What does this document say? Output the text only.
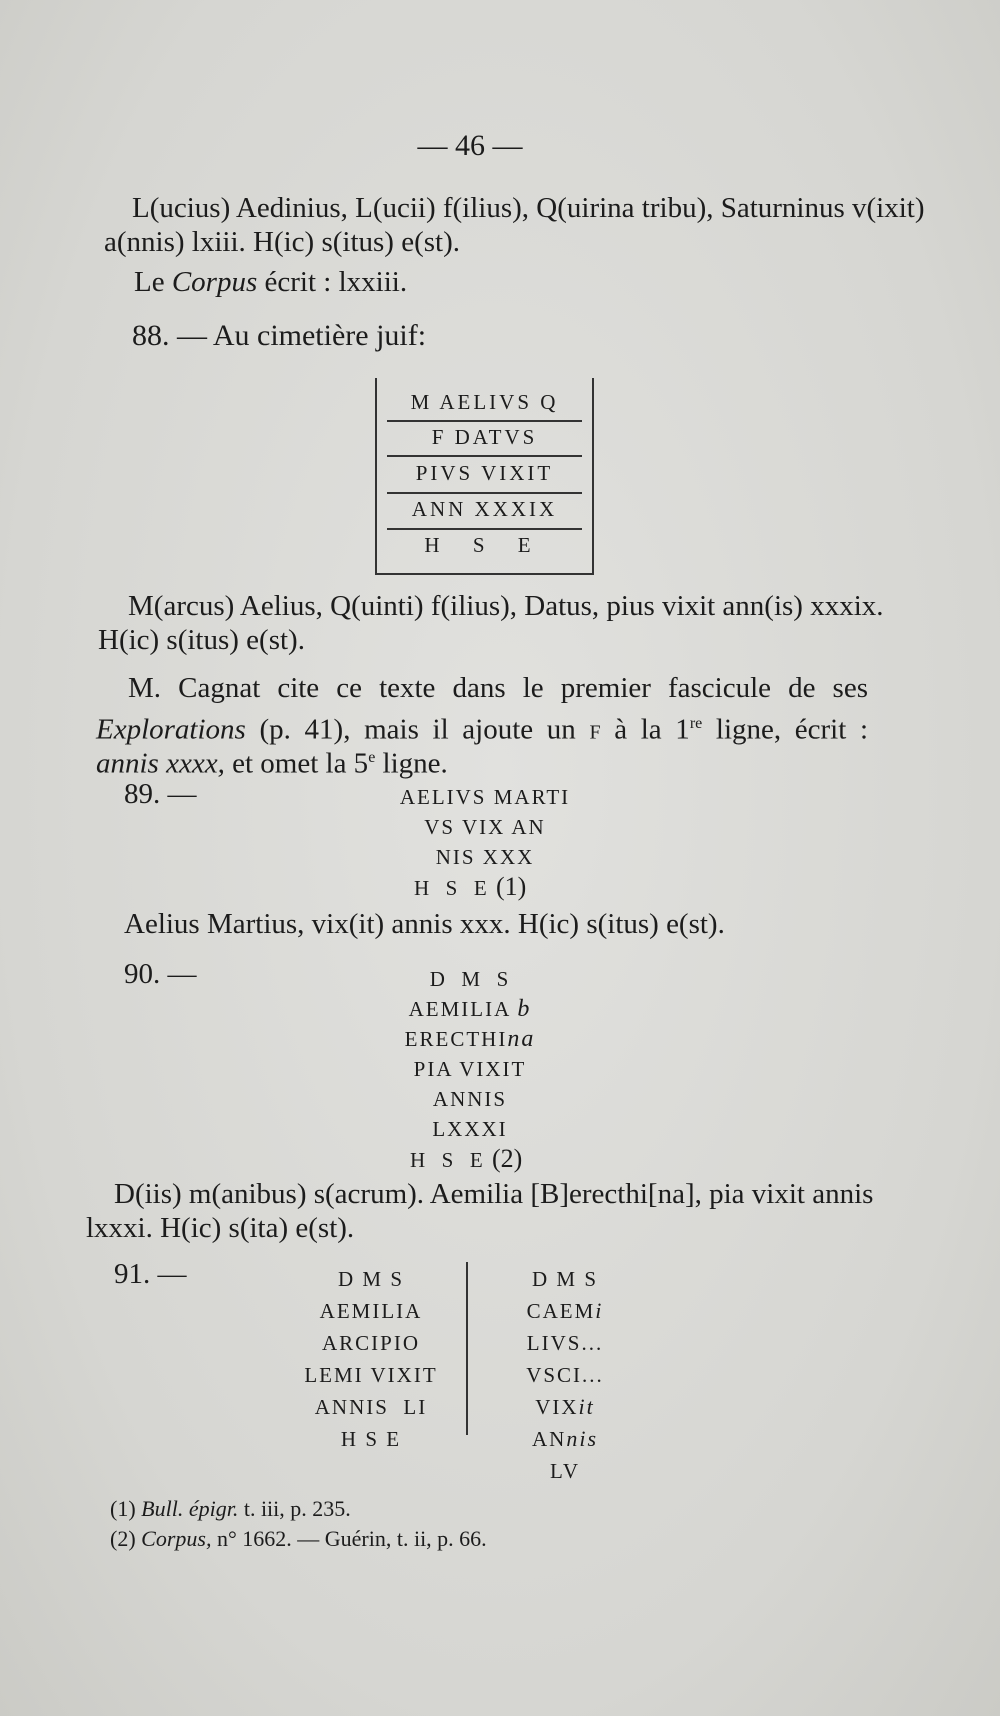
— 46 —
L(ucius) Aedinius, L(ucii) f(ilius), Q(uirina tribu), Saturninus v(ixit)
a(nnis) lxiii. H(ic) s(itus) e(st).
Le Corpus écrit : lxxiii.
88. — Au cimetière juif:
M AELIVS Q
F DATVS
PIVS VIXIT
ANN XXXIX
H S E
M(arcus) Aelius, Q(uinti) f(ilius), Datus, pius vixit ann(is) xxxix.
H(ic) s(itus) e(st).
M. Cagnat cite ce texte dans le premier fascicule de ses
Explorations (p. 41), mais il ajoute un F à la 1re ligne, écrit :
annis xxxx, et omet la 5e ligne.
89. —	AELIVS MARTI
VS VIX AN
NIS XXX
H  S  E (1)
Aelius Martius, vix(it) annis xxx. H(ic) s(itus) e(st).
90. —	D  M  S
AEMILIA b
ERECTHIna
PIA VIXIT
ANNIS
LXXXI
H  S  E (2)
D(iis) m(anibus) s(acrum). Aemilia [B]erecthi[na], pia vixit annis
lxxxi. H(ic) s(ita) e(st).
91. —	D M S
AEMILIA
ARCIPIO
LEMI VIXIT
ANNIS  LI
H S E
D M S
CAEMi
LIVS...
VSCI...
VIXit
ANnis
LV
(1) Bull. épigr. t. iii, p. 235.
(2) Corpus, n° 1662. — Guérin, t. ii, p. 66.
